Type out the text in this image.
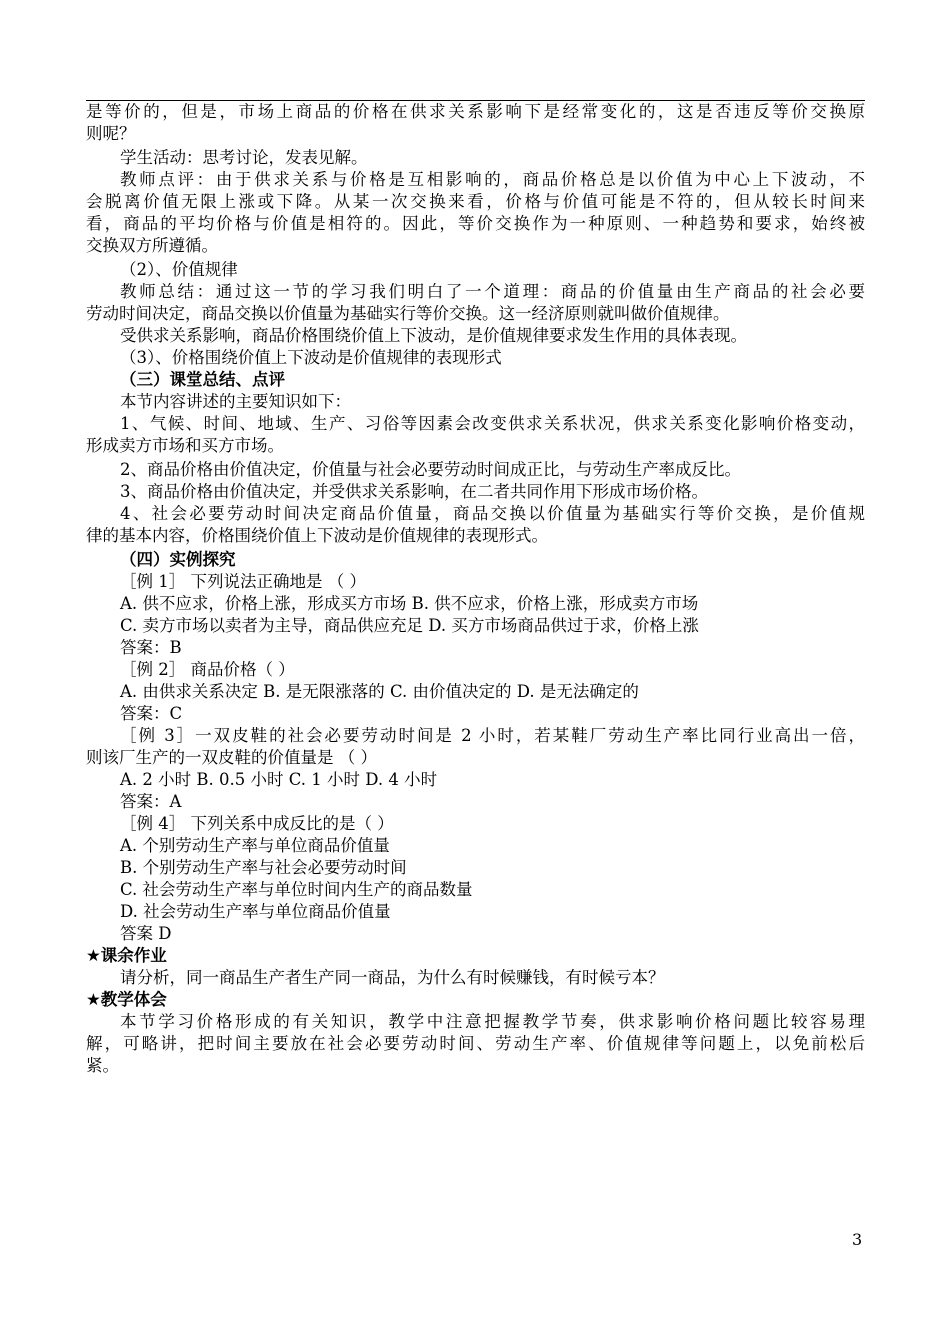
是等价的，但是，市场上商品的价格在供求关系影响下是经常变化的，这是否违反等价交换原
则呢？
学生活动：思考讨论，发表见解。
教师点评：由于供求关系与价格是互相影响的，商品价格总是以价值为中心上下波动，不
会脱离价值无限上涨或下降。从某一次交换来看，价格与价值可能是不符的，但从较长时间来
看，商品的平均价格与价值是相符的。因此，等价交换作为一种原则、一种趋势和要求，始终被
交换双方所遵循。
（2）、价值规律
教师总结：通过这一节的学习我们明白了一个道理：商品的价值量由生产商品的社会必要
劳动时间决定，商品交换以价值量为基础实行等价交换。这一经济原则就叫做价值规律。
受供求关系影响，商品价格围绕价值上下波动，是价值规律要求发生作用的具体表现。
（3）、价格围绕价值上下波动是价值规律的表现形式
（三）课堂总结、点评
本节内容讲述的主要知识如下：
1、气候、时间、地域、生产、习俗等因素会改变供求关系状况，供求关系变化影响价格变动，
形成卖方市场和买方市场。
2、商品价格由价值决定，价值量与社会必要劳动时间成正比，与劳动生产率成反比。
3、商品价格由价值决定，并受供求关系影响，在二者共同作用下形成市场价格。
4、社会必要劳动时间决定商品价值量，商品交换以价值量为基础实行等价交换，是价值规
律的基本内容，价格围绕价值上下波动是价值规律的表现形式。
（四）实例探究
［例 1］ 下列说法正确地是 （ ）
A. 供不应求，价格上涨，形成买方市场 B. 供不应求，价格上涨，形成卖方市场
C. 卖方市场以卖者为主导，商品供应充足 D. 买方市场商品供过于求，价格上涨
答案：B
［例 2］ 商品价格（ ）
A. 由供求关系决定 B. 是无限涨落的 C. 由价值决定的 D. 是无法确定的
答案：C
［例 3］一双皮鞋的社会必要劳动时间是 2 小时，若某鞋厂劳动生产率比同行业高出一倍，
则该厂生产的一双皮鞋的价值量是 （ ）
A. 2 小时 B. 0.5 小时 C. 1 小时 D. 4 小时
答案：A
［例 4］ 下列关系中成反比的是（ ）
A. 个别劳动生产率与单位商品价值量
B. 个别劳动生产率与社会必要劳动时间
C. 社会劳动生产率与单位时间内生产的商品数量
D. 社会劳动生产率与单位商品价值量
答案 D
★课余作业
请分析，同一商品生产者生产同一商品，为什么有时候赚钱，有时候亏本？
★教学体会
本节学习价格形成的有关知识，教学中注意把握教学节奏，供求影响价格问题比较容易理
解，可略讲，把时间主要放在社会必要劳动时间、劳动生产率、价值规律等问题上，以免前松后
紧。
3
